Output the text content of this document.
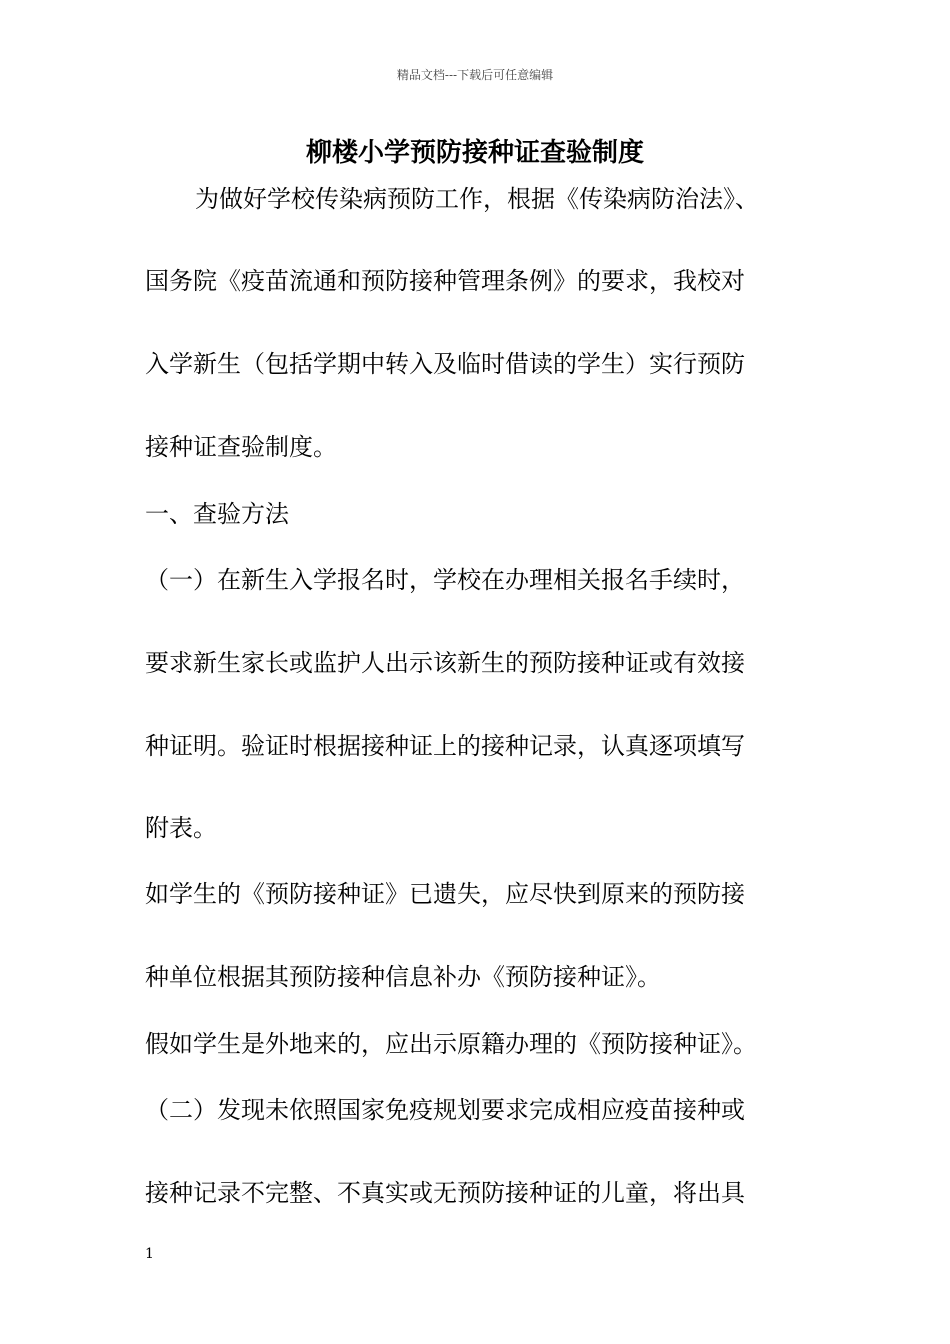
精品文档---下载后可任意编辑
柳楼小学预防接种证查验制度
为做好学校传染病预防工作，根据《传染病防治法》、
国务院《疫苗流通和预防接种管理条例》的要求，我校对
入学新生（包括学期中转入及临时借读的学生）实行预防
接种证查验制度。
一、查验方法
（一）在新生入学报名时，学校在办理相关报名手续时，
要求新生家长或监护人出示该新生的预防接种证或有效接
种证明。验证时根据接种证上的接种记录，认真逐项填写
附表。
如学生的《预防接种证》已遗失，应尽快到原来的预防接
种单位根据其预防接种信息补办《预防接种证》。
假如学生是外地来的，应出示原籍办理的《预防接种证》。
（二）发现未依照国家免疫规划要求完成相应疫苗接种或
接种记录不完整、不真实或无预防接种证的儿童，将出具
1
